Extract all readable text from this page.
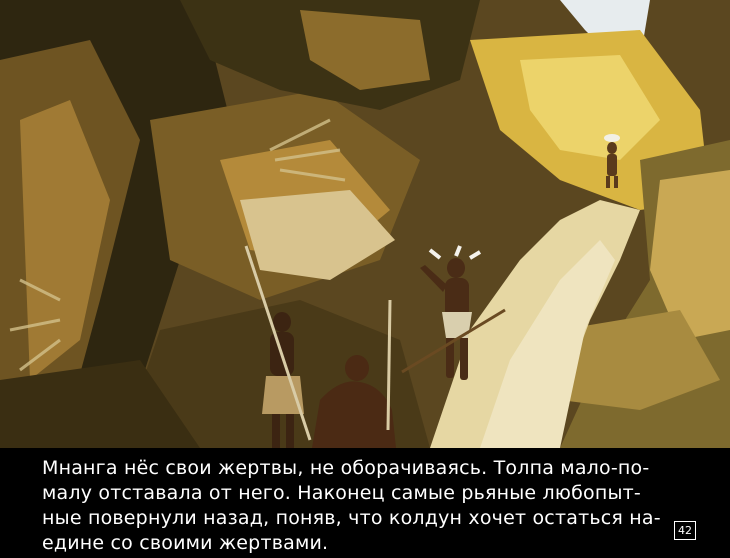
Мнанга нёс свои жертвы, не оборачиваясь. Толпа мало-по-
малу отставала от него. Наконец самые рьяные любопыт-
ные повернули назад, поняв, что колдун хочет остаться на-
едине со своими жертвами.
42
